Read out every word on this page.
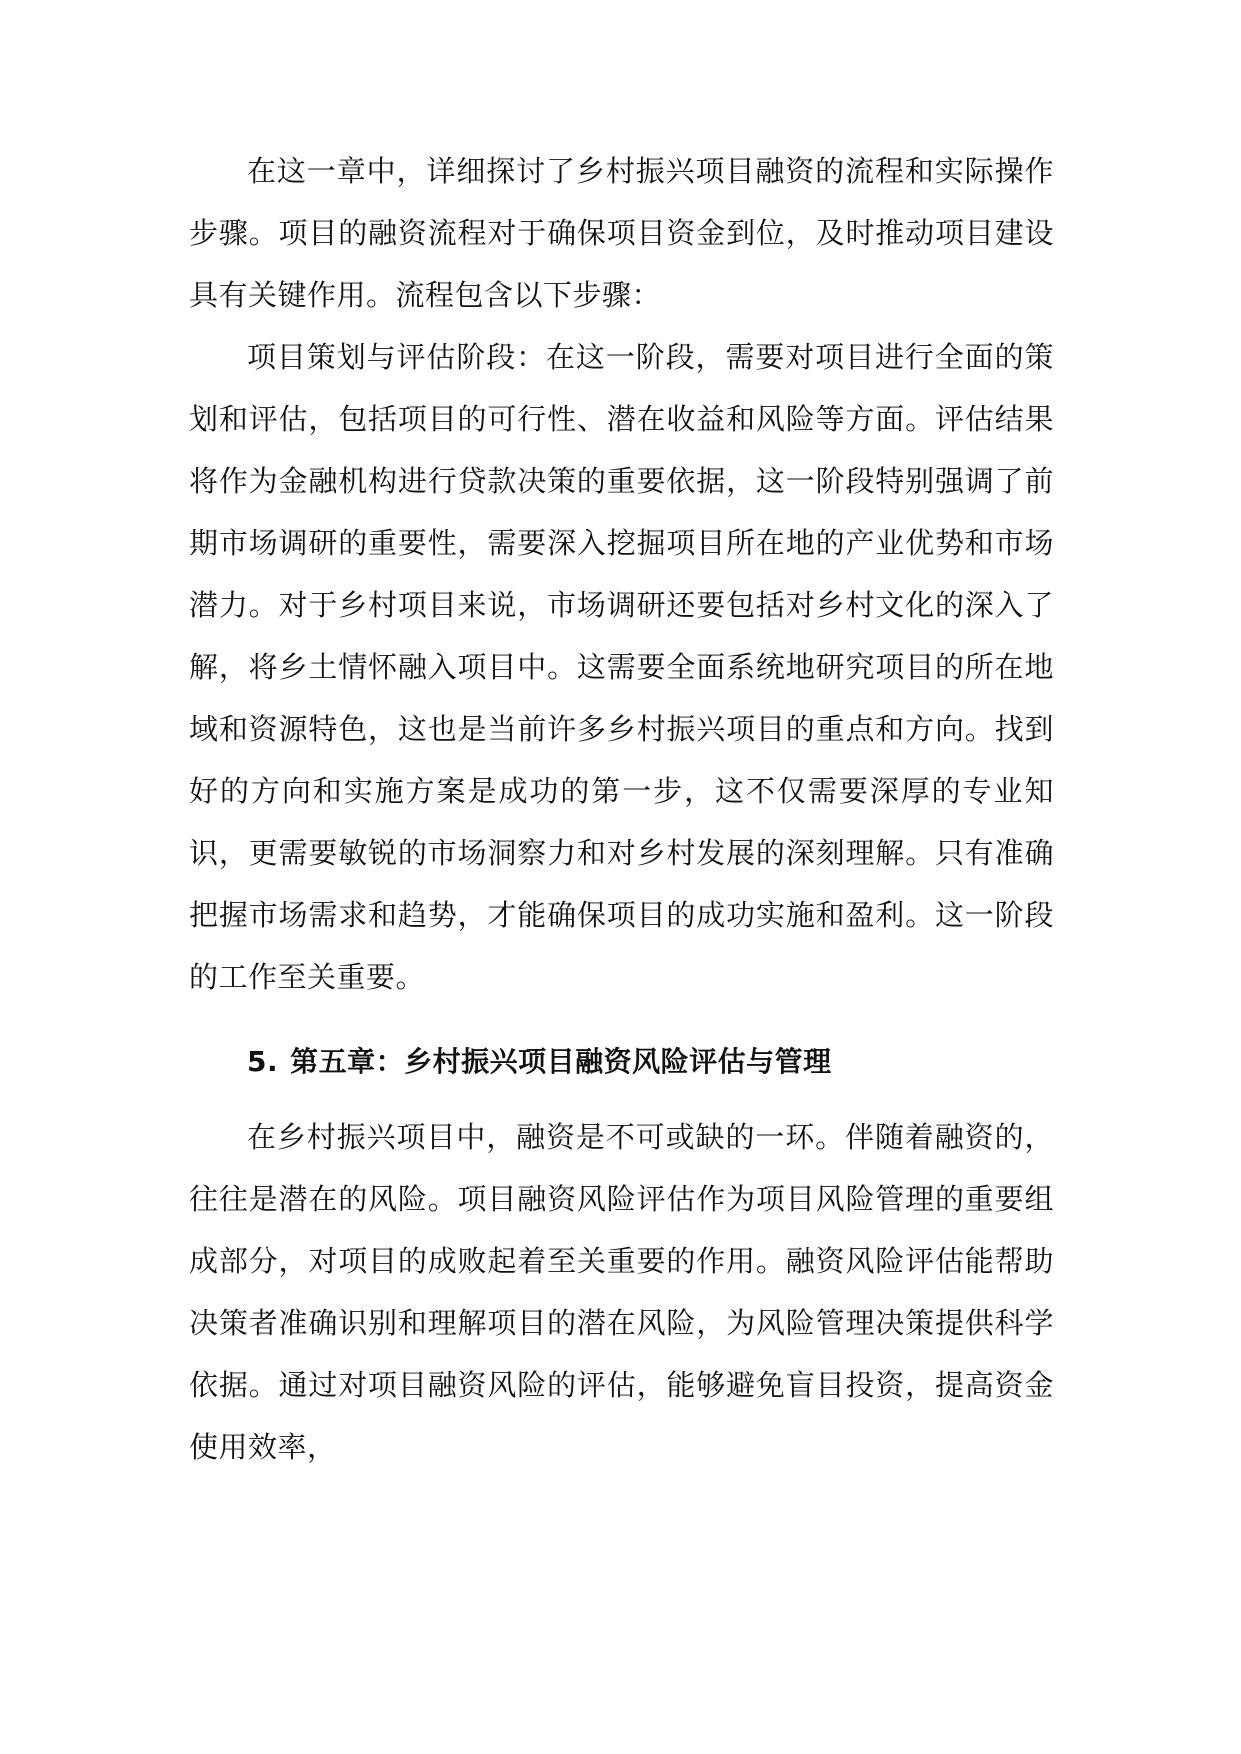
在这一章中，详细探讨了乡村振兴项目融资的流程和实际操作步骤。项目的融资流程对于确保项目资金到位，及时推动项目建设具有关键作用。流程包含以下步骤：

项目策划与评估阶段：在这一阶段，需要对项目进行全面的策划和评估，包括项目的可行性、潜在收益和风险等方面。评估结果将作为金融机构进行贷款决策的重要依据，这一阶段特别强调了前期市场调研的重要性，需要深入挖掘项目所在地的产业优势和市场潜力。对于乡村项目来说，市场调研还要包括对乡村文化的深入了解，将乡土情怀融入项目中。这需要全面系统地研究项目的所在地域和资源特色，这也是当前许多乡村振兴项目的重点和方向。找到好的方向和实施方案是成功的第一步，这不仅需要深厚的专业知识，更需要敏锐的市场洞察力和对乡村发展的深刻理解。只有准确把握市场需求和趋势，才能确保项目的成功实施和盈利。这一阶段的工作至关重要。

5. 第五章：乡村振兴项目融资风险评估与管理

在乡村振兴项目中，融资是不可或缺的一环。伴随着融资的，往往是潜在的风险。项目融资风险评估作为项目风险管理的重要组成部分，对项目的成败起着至关重要的作用。融资风险评估能帮助决策者准确识别和理解项目的潜在风险，为风险管理决策提供科学依据。通过对项目融资风险的评估，能够避免盲目投资，提高资金使用效率，
